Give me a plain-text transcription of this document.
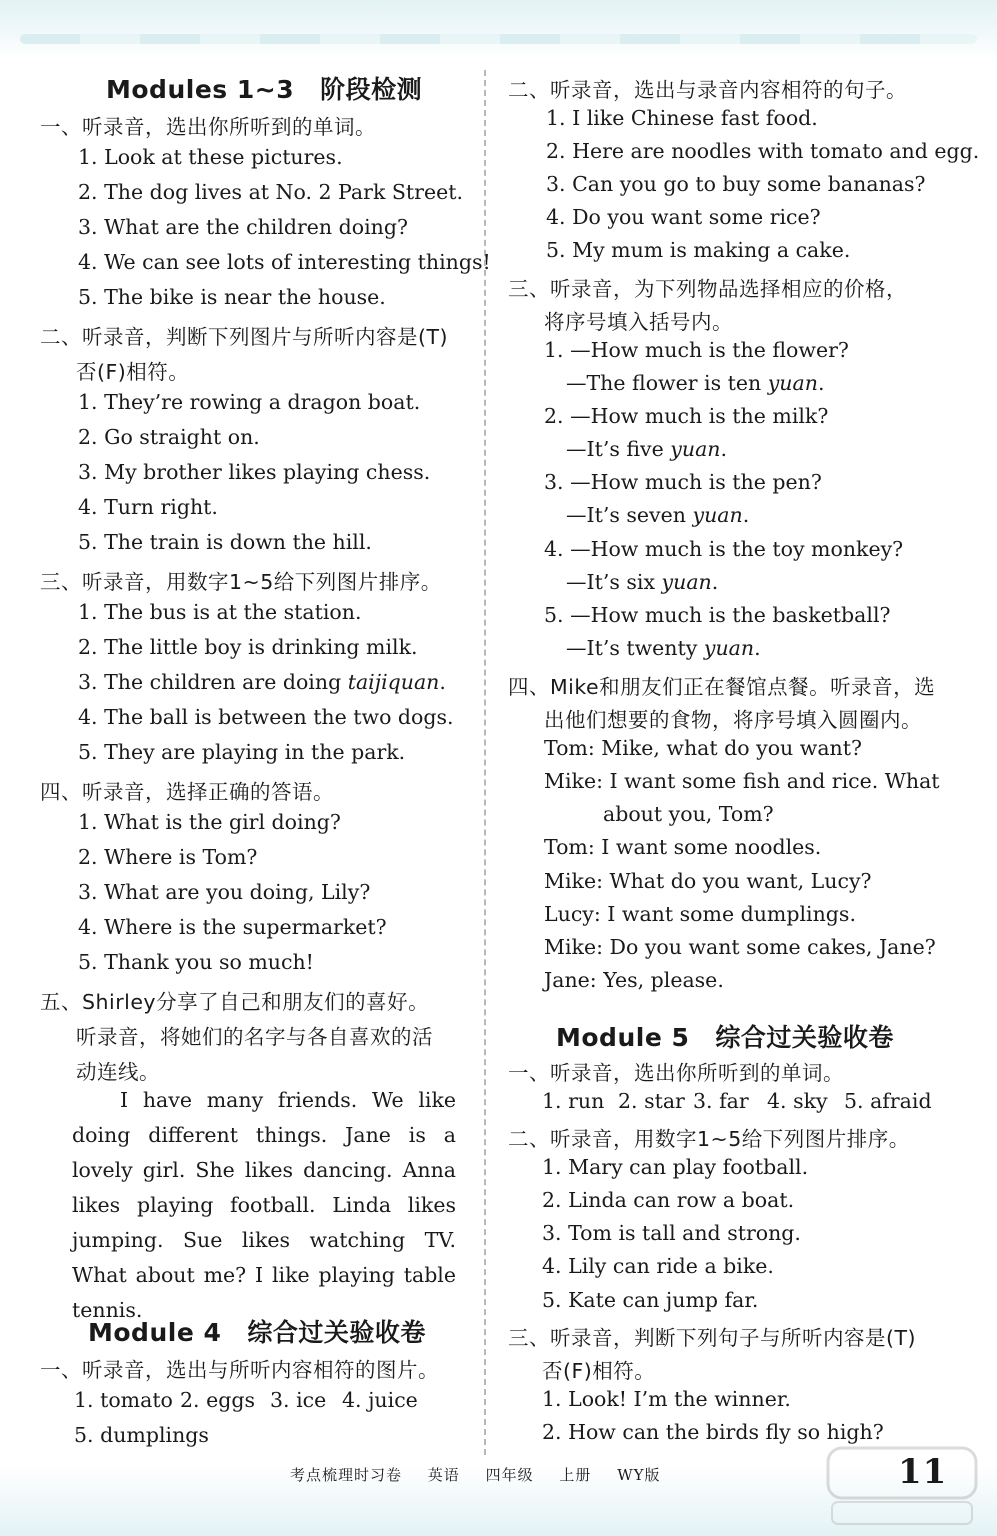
Modules 1~3 阶段检测
一、听录音，选出你所听到的单词。
1. Look at these pictures.
2. The dog lives at No. 2 Park Street.
3. What are the children doing?
4. We can see lots of interesting things!
5. The bike is near the house.
二、听录音，判断下列图片与所听内容是(T)
否(F)相符。
1. They’re rowing a dragon boat.
2. Go straight on.
3. My brother likes playing chess.
4. Turn right.
5. The train is down the hill.
三、听录音，用数字1~5给下列图片排序。
1. The bus is at the station.
2. The little boy is drinking milk.
3. The children are doing taijiquan.
4. The ball is between the two dogs.
5. They are playing in the park.
四、听录音，选择正确的答语。
1. What is the girl doing?
2. Where is Tom?
3. What are you doing, Lily?
4. Where is the supermarket?
5. Thank you so much!
五、Shirley分享了自己和朋友们的喜好。
听录音，将她们的名字与各自喜欢的活
动连线。
I have many friends. We like doing different things. Jane is a lovely girl. She likes dancing. Anna likes playing football. Linda likes jumping. Sue likes watching TV. What about me? I like playing table tennis.
Module 4 综合过关验收卷
一、听录音，选出与所听内容相符的图片。
1. tomato 2. eggs 3. ice 4. juice
5. dumplings
二、听录音，选出与录音内容相符的句子。
1. I like Chinese fast food.
2. Here are noodles with tomato and egg.
3. Can you go to buy some bananas?
4. Do you want some rice?
5. My mum is making a cake.
三、听录音，为下列物品选择相应的价格，
将序号填入括号内。
1. —How much is the flower?
—The flower is ten yuan.
2. —How much is the milk?
—It’s five yuan.
3. —How much is the pen?
—It’s seven yuan.
4. —How much is the toy monkey?
—It’s six yuan.
5. —How much is the basketball?
—It’s twenty yuan.
四、Mike和朋友们正在餐馆点餐。听录音，选
出他们想要的食物，将序号填入圆圈内。
Tom: Mike, what do you want?
Mike: I want some fish and rice. What
about you, Tom?
Tom: I want some noodles.
Mike: What do you want, Lucy?
Lucy: I want some dumplings.
Mike: Do you want some cakes, Jane?
Jane: Yes, please.
Module 5 综合过关验收卷
一、听录音，选出你所听到的单词。
1. run 2. star 3. far 4. sky 5. afraid
二、听录音，用数字1~5给下列图片排序。
1. Mary can play football.
2. Linda can row a boat.
3. Tom is tall and strong.
4. Lily can ride a bike.
5. Kate can jump far.
三、听录音，判断下列句子与所听内容是(T)
否(F)相符。
1. Look! I’m the winner.
2. How can the birds fly so high?
考点梳理时习卷 英语 四年级 上册 WY版	11
